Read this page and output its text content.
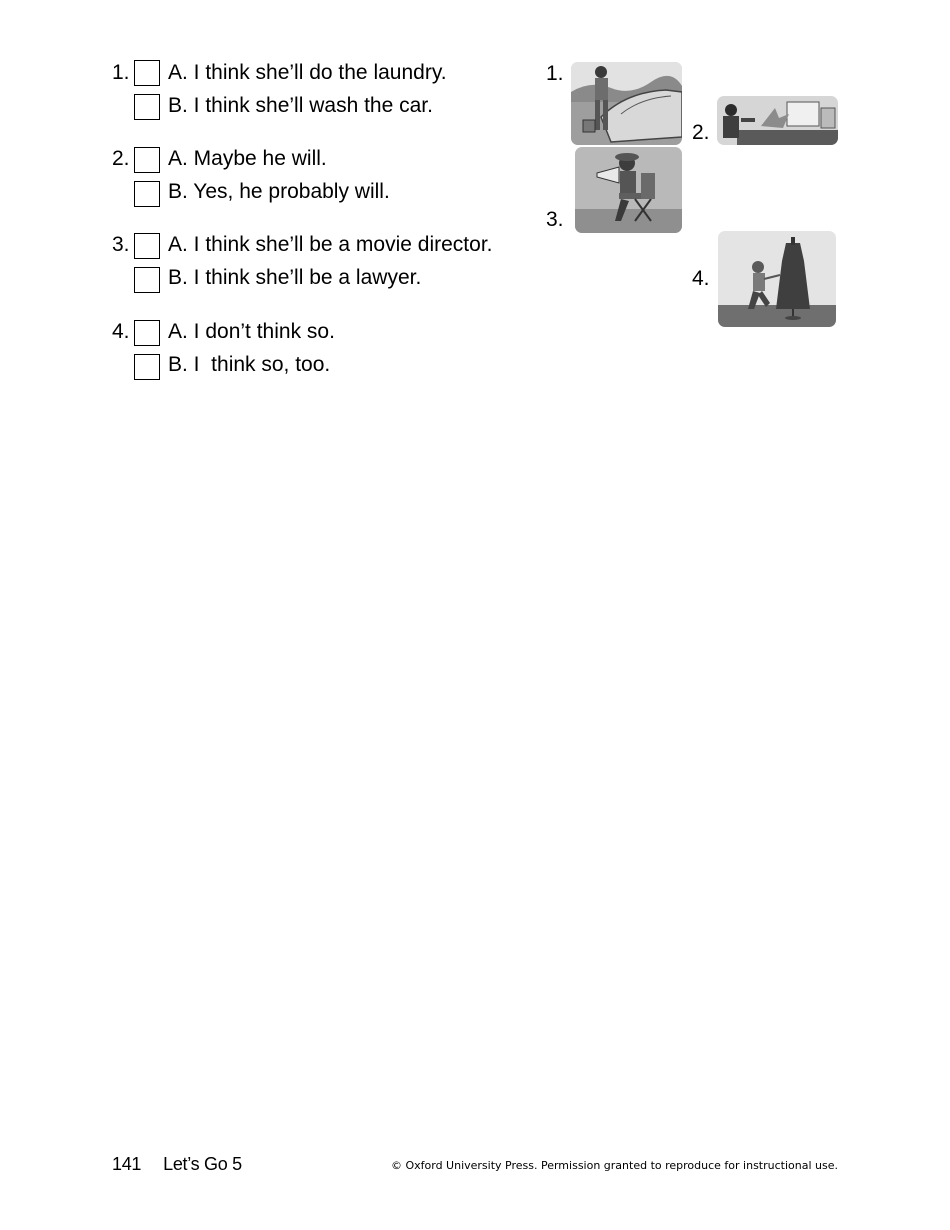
1. A. I think she’ll do the laundry.
B. I think she’ll wash the car.
2. A. Maybe he will.
B. Yes, he probably will.
3. A. I think she’ll be a movie director.
B. I think she’ll be a lawyer.
4. A. I don’t think so.
B. I  think so, too.
1.
2.
3.
4.
141 Let’s Go 5	© Oxford University Press. Permission granted to reproduce for instructional use.
